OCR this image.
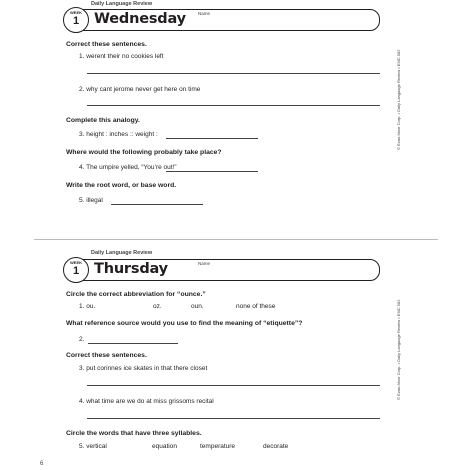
Daily Language Review
WEEK
1	Wednesday	Name
© Evan-Moor Corp. • Daily Language Review • EMC 582
Correct these sentences.
1. werent their no cookies left
2. why cant jerome never get here on time
Complete this analogy.
3. height : inches :: weight :
Where would the following probably take place?
4. The umpire yelled, “You’re out!”
Write the root word, or base word.
5. illegal
Daily Language Review
WEEK
1	Thursday	Name
© Evan-Moor Corp. • Daily Language Review • EMC 582
Circle the correct abbreviation for “ounce.”
1. ou.	oz.	oun.	none of these
What reference source would you use to find the meaning of “etiquette”?
2.
Correct these sentences.
3. put corinnes ice skates in that there closet
4. what time are we do at miss grissoms recital
Circle the words that have three syllables.
5. vertical	equation	temperature	decorate
6
